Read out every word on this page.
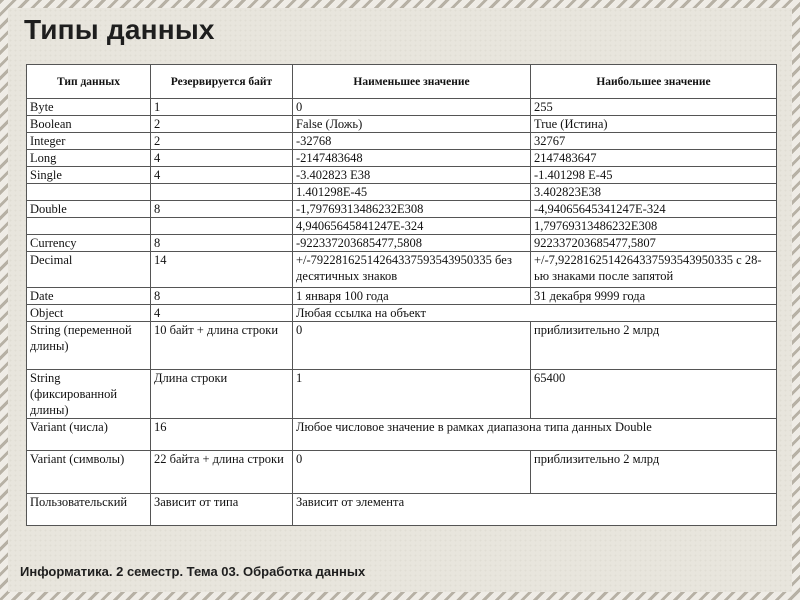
Типы данных
Тип данных	Резервируется байт	Наименьшее значение	Наибольшее значение
Byte	1	0	255
Boolean	2	False (Ложь)	True (Истина)
Integer	2	-32768	32767
Long	4	-2147483648	2147483647
Single	4	-3.402823 E38	-1.401298 E-45
		1.401298E-45	3.402823E38
Double	8	-1,79769313486232E308	-4,94065645341247E-324
		4,94065645841247E-324	1,79769313486232E308
Currency	8	-922337203685477,5808	922337203685477,5807
Decimal	14	+/-79228162514264337593543950335 без десятичных знаков	+/-7,9228162514264337593543950335 с 28-ью знаками после запятой
Date	8	1 января 100 года	31 декабря 9999 года
Object	4	Любая ссылка на объект	
String (переменной длины)	10 байт + длина строки	0	приблизительно 2 млрд
String (фиксированной длины)	Длина строки	1	65400
Variant (числа)	16	Любое числовое значение в рамках диапазона типа данных Double	
Variant (символы)	22 байта + длина строки	0	приблизительно 2 млрд
Пользовательский	Зависит от типа	Зависит от элемента	
Информатика. 2 семестр. Тема 03. Обработка данных
